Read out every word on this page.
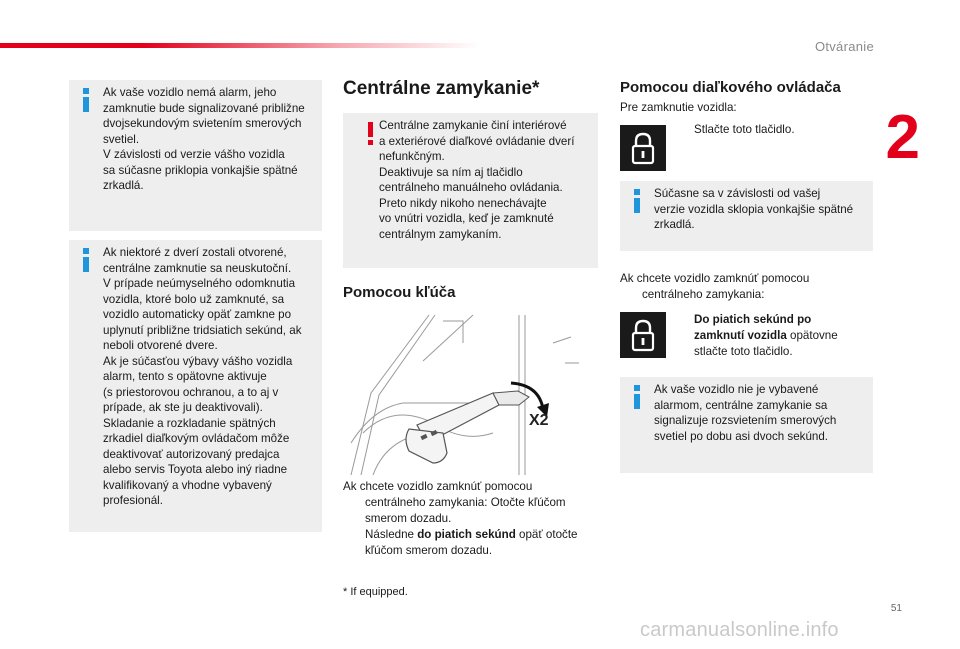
Otváranie
2
Ak vaše vozidlo nemá alarm, jeho
zamknutie bude signalizované približne
dvojsekundovým svietením smerových
svetiel.
V závislosti od verzie vášho vozidla
sa súčasne priklopia vonkajšie spätné
zrkadlá.
Ak niektoré z dverí zostali otvorené,
centrálne zamknutie sa neuskutoční.
V prípade neúmyselného odomknutia
vozidla, ktoré bolo už zamknuté, sa
vozidlo automaticky opäť zamkne po
uplynutí približne tridsiatich sekúnd, ak
neboli otvorené dvere.
Ak je súčasťou výbavy vášho vozidla
alarm, tento s opätovne aktivuje
(s priestorovou ochranou, a to aj v
prípade, ak ste ju deaktivovali).
Skladanie a rozkladanie spätných
zrkadiel diaľkovým ovládačom môže
deaktivovať autorizovaný predajca
alebo servis Toyota alebo iný riadne
kvalifikovaný a vhodne vybavený
profesionál.
Centrálne zamykanie*
Centrálne zamykanie činí interiérové
a exteriérové diaľkové ovládanie dverí
nefunkčným.
Deaktivuje sa ním aj tlačidlo
centrálneho manuálneho ovládania.
Preto nikdy nikoho nenechávajte
vo vnútri vozidla, keď je zamknuté
centrálnym zamykaním.
Pomocou kľúča
X2
Ak chcete vozidlo zamknúť pomocou
centrálneho zamykania: Otočte kľúčom

smerom dozadu.
Následne do piatich sekúnd opäť otočte

kľúčom smerom dozadu.
* If equipped.
Pomocou diaľkového ovládača
Pre zamknutie vozidla:
Stlačte toto tlačidlo.
Súčasne sa v závislosti od vašej
verzie vozidla sklopia vonkajšie spätné
zrkadlá.
Ak chcete vozidlo zamknúť pomocou

centrálneho zamykania:
Do piatich sekúnd po
zamknutí vozidla opätovne
stlačte toto tlačidlo.
Ak vaše vozidlo nie je vybavené
alarmom, centrálne zamykanie sa
signalizuje rozsvietením smerových
svetiel po dobu asi dvoch sekúnd.
51
carmanualsonline.info
